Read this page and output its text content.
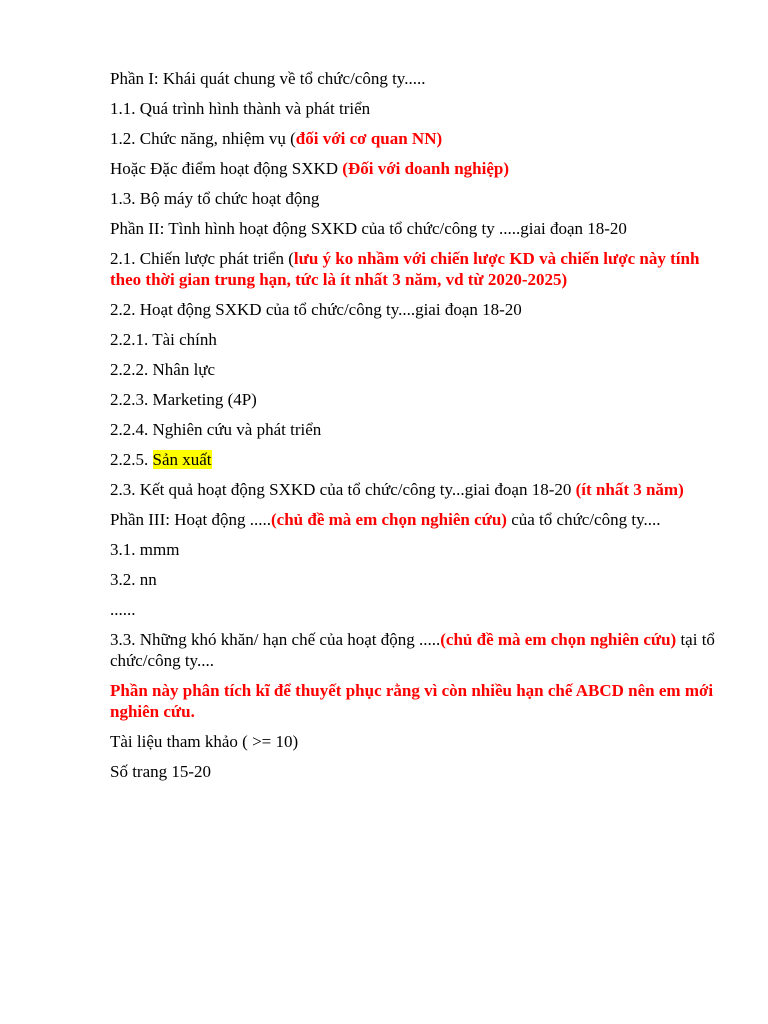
Phần I: Khái quát chung về tổ chức/công ty.....

1.1. Quá trình hình thành và phát triển

1.2. Chức năng, nhiệm vụ (đối với cơ quan NN)

Hoặc Đặc điểm hoạt động SXKD (Đối với doanh nghiệp)

1.3. Bộ máy tổ chức hoạt động

Phần II: Tình hình hoạt động SXKD của tổ chức/công ty .....giai đoạn 18-20

2.1. Chiến lược phát triển (lưu ý ko nhầm với chiến lược KD và chiến lược này tính theo thời gian trung hạn, tức là ít nhất 3 năm, vd từ 2020-2025)

2.2. Hoạt động SXKD của tổ chức/công ty....giai đoạn 18-20

2.2.1. Tài chính

2.2.2. Nhân lực

2.2.3. Marketing (4P)

2.2.4. Nghiên cứu và phát triển

2.2.5. Sản xuất

2.3. Kết quả hoạt động SXKD của tổ chức/công ty...giai đoạn 18-20 (ít nhất 3 năm)

Phần III: Hoạt động .....(chủ đề mà em chọn nghiên cứu) của tổ chức/công ty....

3.1. mmm

3.2. nn

......

3.3. Những khó khăn/ hạn chế của hoạt động .....(chủ đề mà em chọn nghiên cứu) tại tổ chức/công ty....

Phần này phân tích kĩ để thuyết phục rằng vì còn nhiều hạn chế ABCD nên em mới nghiên cứu.

Tài liệu tham khảo ( >= 10)

Số trang 15-20
